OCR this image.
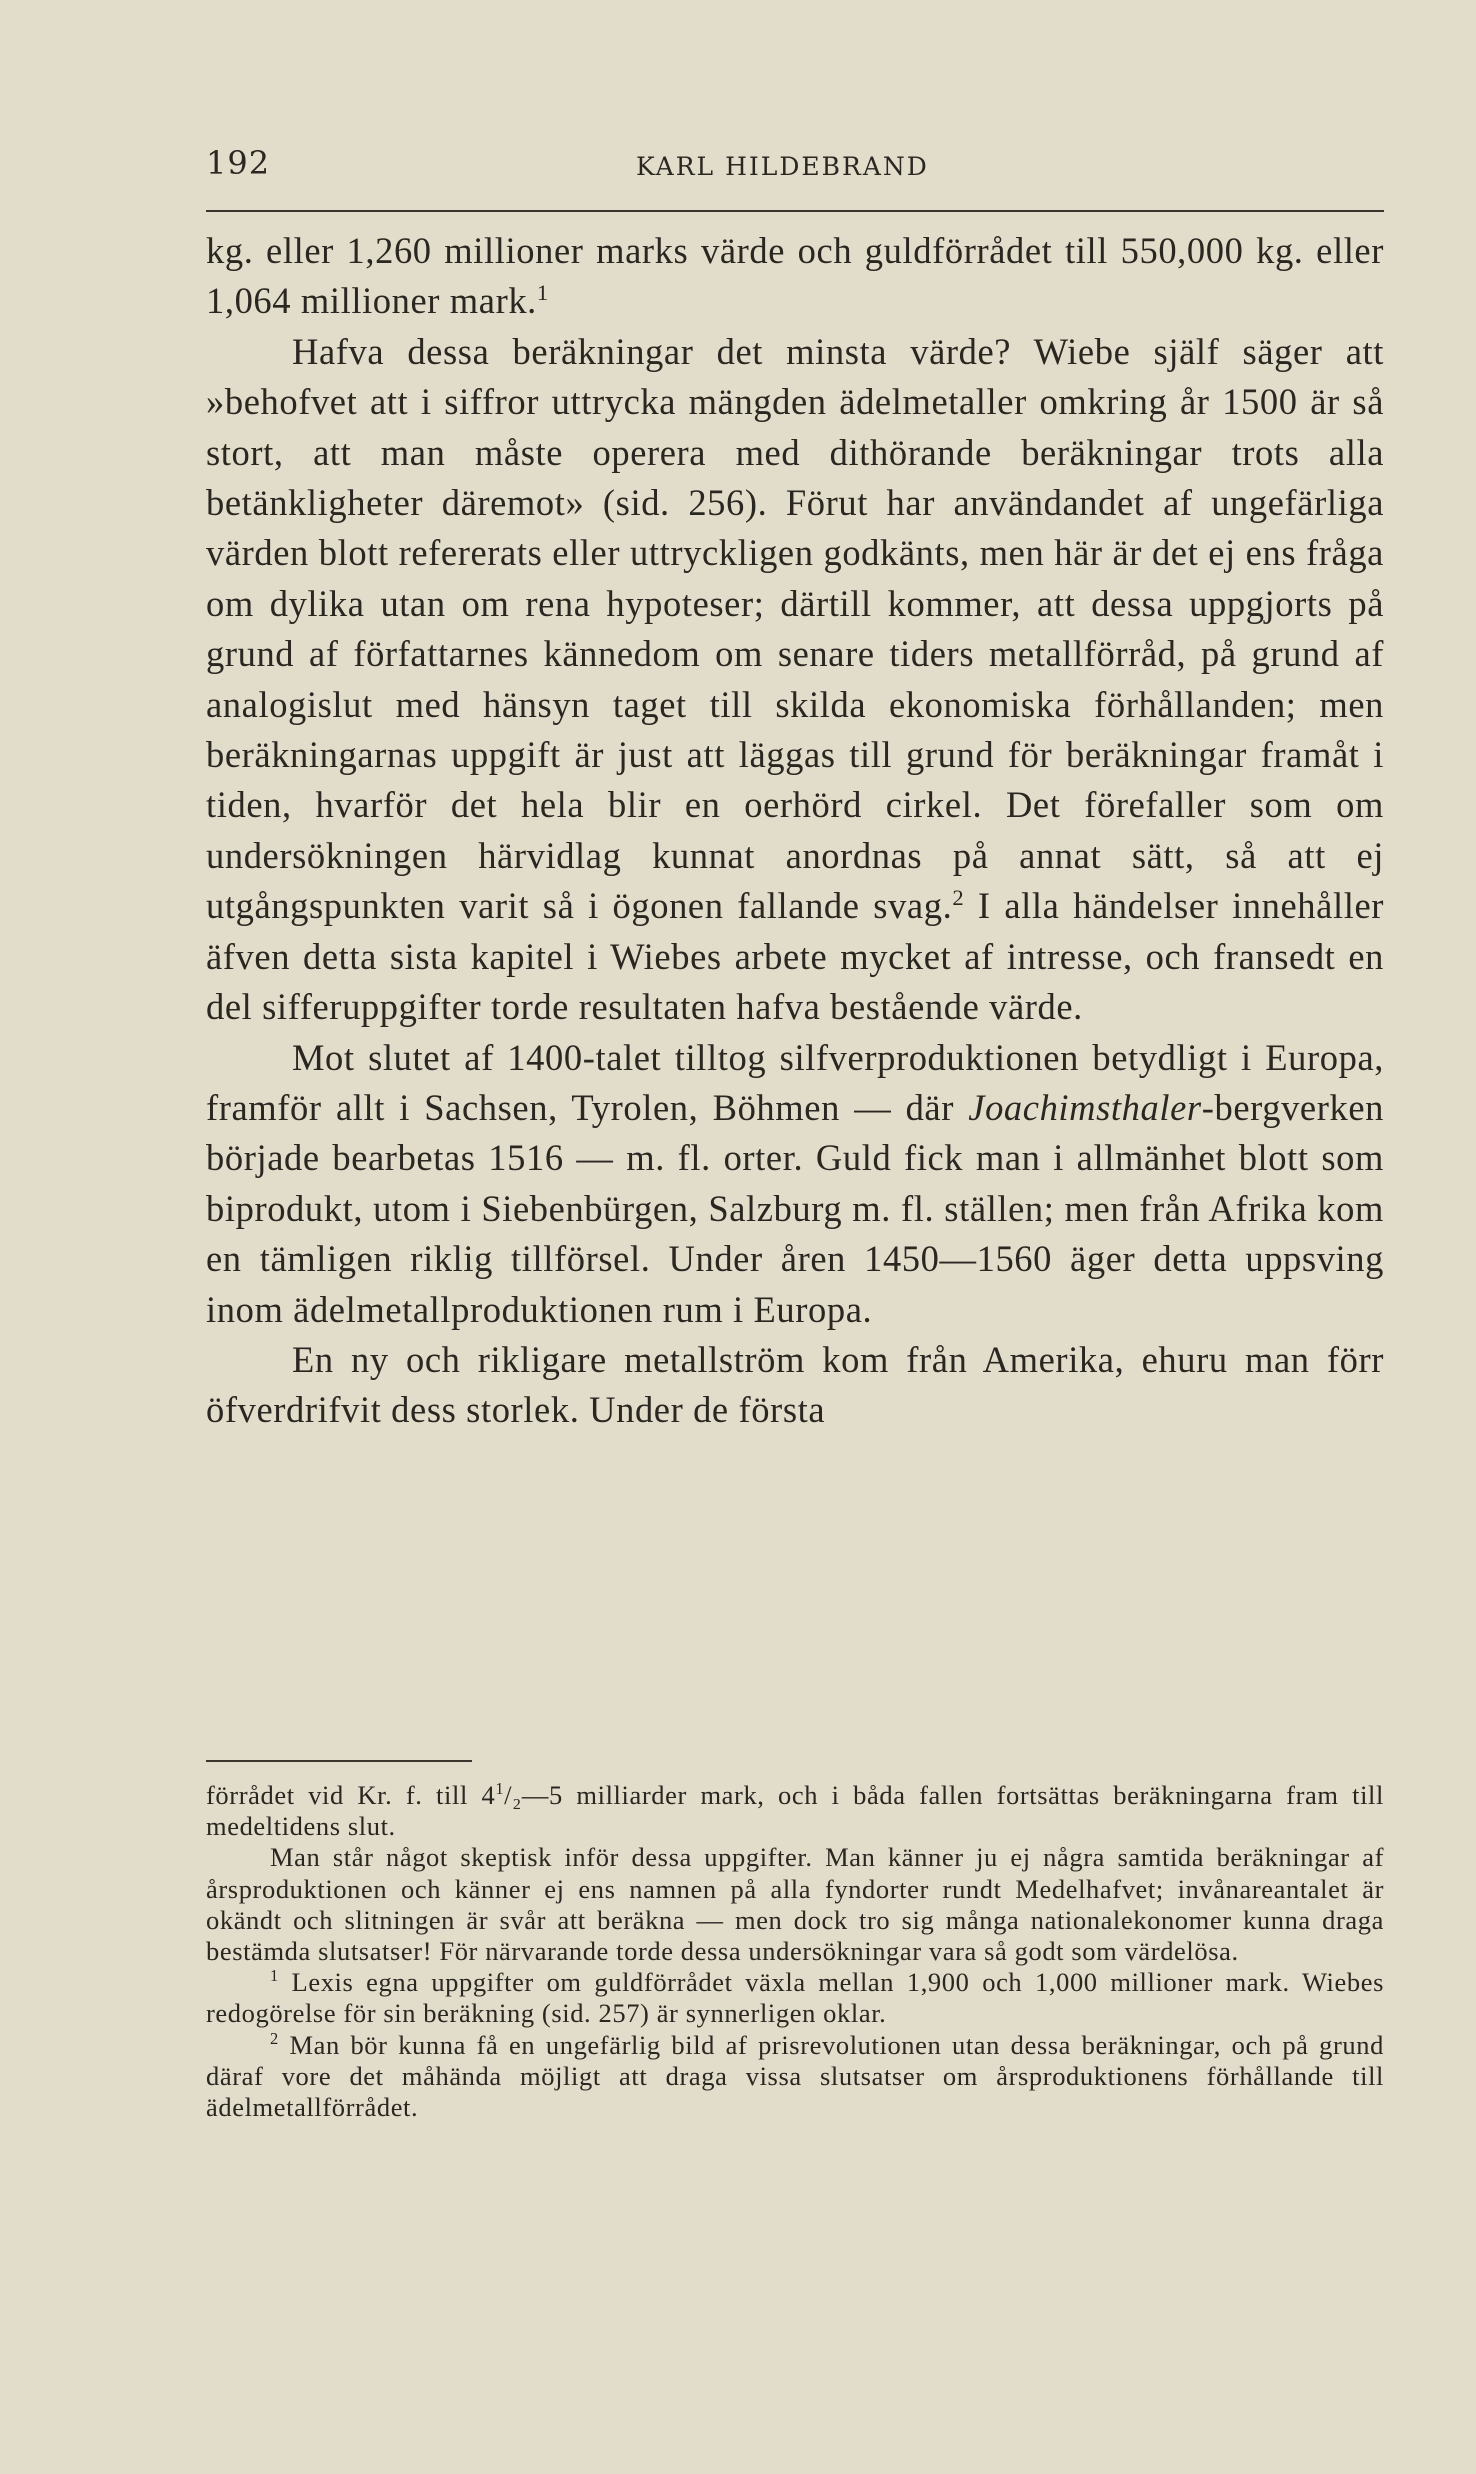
192	KARL HILDEBRAND

kg. eller 1,260 millioner marks värde och guldförrådet till 550,000 kg. eller 1,064 millioner mark.$^1$

Hafva dessa beräkningar det minsta värde? Wiebe själf säger att »behofvet att i siffror uttrycka mängden ädelmetaller omkring år 1500 är så stort, att man måste operera med dithörande beräkningar trots alla betänkligheter däremot» (sid. 256). Förut har användandet af ungefärliga värden blott refererats eller uttryckligen godkänts, men här är det ej ens fråga om dylika utan om rena hypoteser; därtill kommer, att dessa uppgjorts på grund af författarnes kännedom om senare tiders metallförråd, på grund af analogislut med hänsyn taget till skilda ekonomiska förhållanden; men beräkningarnas uppgift är just att läggas till grund för beräkningar framåt i tiden, hvarför det hela blir en oerhörd cirkel. Det förefaller som om undersökningen härvidlag kunnat anordnas på annat sätt, så att ej utgångspunkten varit så i ögonen fallande svag.$^2$ I alla händelser innehåller äfven detta sista kapitel i Wiebes arbete mycket af intresse, och fransedt en del sifferuppgifter torde resultaten hafva bestående värde.

Mot slutet af 1400-talet tilltog silfverproduktionen betydligt i Europa, framför allt i Sachsen, Tyrolen, Böhmen — där Joachimsthaler-bergverken började bearbetas 1516 — m. fl. orter. Guld fick man i allmänhet blott som biprodukt, utom i Siebenbürgen, Salzburg m. fl. ställen; men från Afrika kom en tämligen riklig tillförsel. Under åren 1450—1560 äger detta uppsving inom ädelmetallproduktionen rum i Europa.

En ny och rikligare metallström kom från Amerika, ehuru man förr öfverdrifvit dess storlek. Under de första

förrådet vid Kr. f. till $4^1/_2—5$ milliarder mark, och i båda fallen fortsättas beräkningarna fram till medeltidens slut.

Man står något skeptisk inför dessa uppgifter. Man känner ju ej några samtida beräkningar af årsproduktionen och känner ej ens namnen på alla fyndorter rundt Medelhafvet; invånareantalet är okändt och slitningen är svår att beräkna — men dock tro sig många nationalekonomer kunna draga bestämda slutsatser! För närvarande torde dessa undersökningar vara så godt som värdelösa.

$^1$ Lexis egna uppgifter om guldförrådet växla mellan 1,900 och 1,000 millioner mark. Wiebes redogörelse för sin beräkning (sid. 257) är synnerligen oklar.

$^2$ Man bör kunna få en ungefärlig bild af prisrevolutionen utan dessa beräkningar, och på grund däraf vore det måhända möjligt att draga vissa slutsatser om årsproduktionens förhållande till ädelmetallförrådet.
